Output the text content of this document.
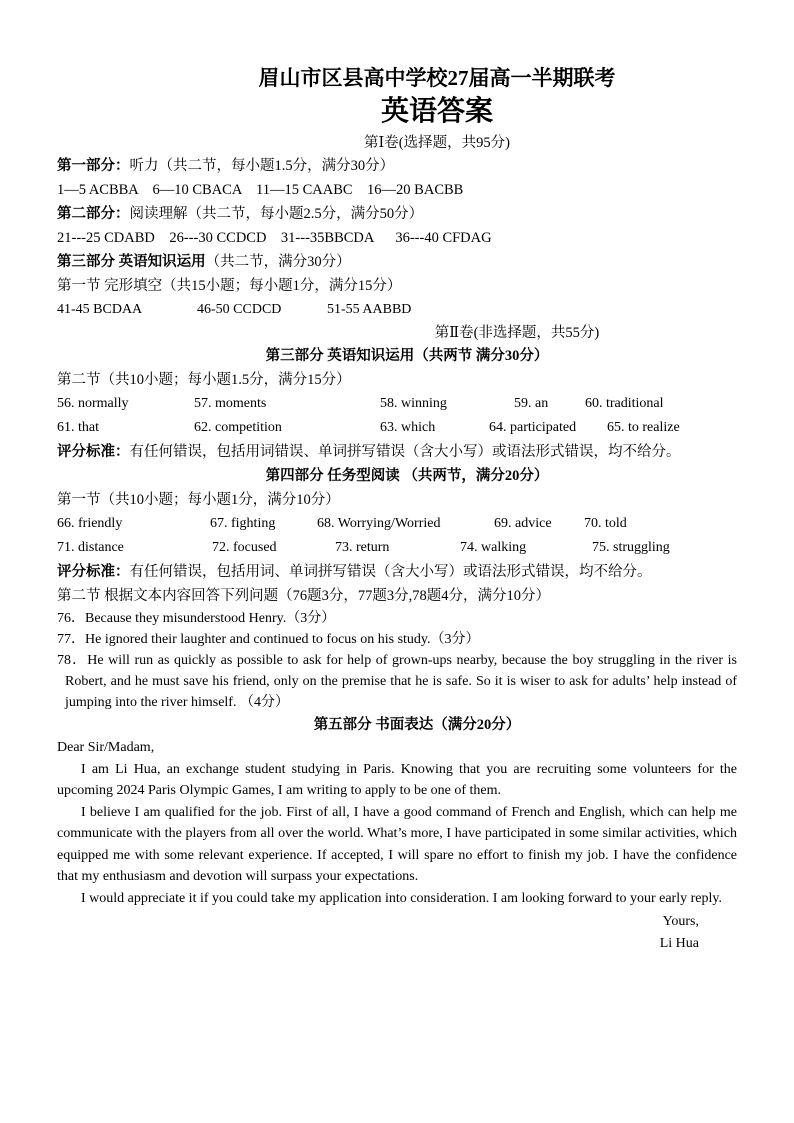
眉山市区县高中学校27届高一半期联考
英语答案
第Ⅰ卷(选择题，共95分)
第一部分：听力（共二节，每小题1.5分，满分30分）
1—5 ACBBA    6—10 CBACA    11—15 CAABC    16—20 BACBB
第二部分：阅读理解（共二节，每小题2.5分，满分50分）
21---25 CDABD    26---30 CCDCD    31---35BBCDA      36---40 CFDAG
第三部分 英语知识运用（共二节，满分30分）
第一节 完形填空（共15小题；每小题1分，满分15分）
41-45 BCDAA	46-50 CCDCD	51-55 AABBD
第Ⅱ卷(非选择题，共55分)
第三部分 英语知识运用（共两节 满分30分）
第二节（共10小题；每小题1.5分，满分15分）
56. normally	57. moments	58. winning	59. an	60. traditional
61. that	62. competition	63. which	64. participated 65. to realize
评分标准：有任何错误，包括用词错误、单词拼写错误（含大小写）或语法形式错误，均不给分。
第四部分 任务型阅读 （共两节，满分20分）
第一节（共10小题；每小题1分，满分10分）
66. friendly	67. fighting	68. Worrying/Worried	69. advice 70. told
71. distance	72. focused	73. return	74. walking	75. struggling
评分标准：有任何错误，包括用词、单词拼写错误（含大小写）或语法形式错误，均不给分。
第二节 根据文本内容回答下列问题（76题3分，77题3分,78题4分，满分10分）
76．Because they misunderstood Henry.（3分）
77．He ignored their laughter and continued to focus on his study.（3分）
78．He will run as quickly as possible to ask for help of grown-ups nearby, because the boy struggling in the river is Robert, and he must save his friend, only on the premise that he is safe. So it is wiser to ask for adults’ help instead of jumping into the river himself. （4分）
第五部分 书面表达（满分20分）
Dear Sir/Madam,
I am Li Hua, an exchange student studying in Paris. Knowing that you are recruiting some volunteers for the upcoming 2024 Paris Olympic Games, I am writing to apply to be one of them.
I believe I am qualified for the job. First of all, I have a good command of French and English, which can help me communicate with the players from all over the world. What’s more, I have participated in some similar activities, which equipped me with some relevant experience. If accepted, I will spare no effort to finish my job. I have the confidence that my enthusiasm and devotion will surpass your expectations.
I would appreciate it if you could take my application into consideration. I am looking forward to your early reply.
Yours,
Li Hua
